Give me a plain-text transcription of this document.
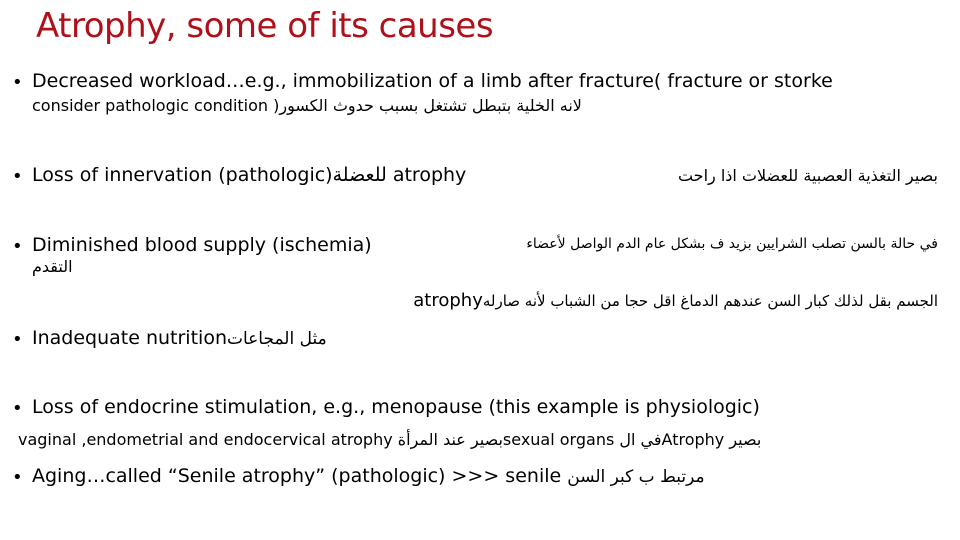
Atrophy, some of its causes
• Decreased workload…e.g., immobilization of a limb after fracture( fracture or storke
consider pathologic condition )لانه الخلية بتبطل تشتغل بسبب حدوث الكسور
• Loss of innervation (pathologic)للعضلة atrophy	بصير التغذية العصبية للعضلات اذا راحت
• Diminished blood supply (ischemia)	في حالة بالسن تصلب الشرايين بزيد ف بشكل عام الدم الواصل لأعضاء
التقدم
atrophyالجسم بقل لذلك كبار السن عندهم الدماغ اقل حجا من الشباب لأنه صارله
• Inadequate nutritionمثل المجاعات
• Loss of endocrine stimulation, e.g., menopause (this example is physiologic)
vaginal ,endometrial and endocervical atrophy بصير عند المرأةsexual organs في الAtrophy بصير
• Aging…called “Senile atrophy” (pathologic) >>> senile مرتبط ب كبر السن
